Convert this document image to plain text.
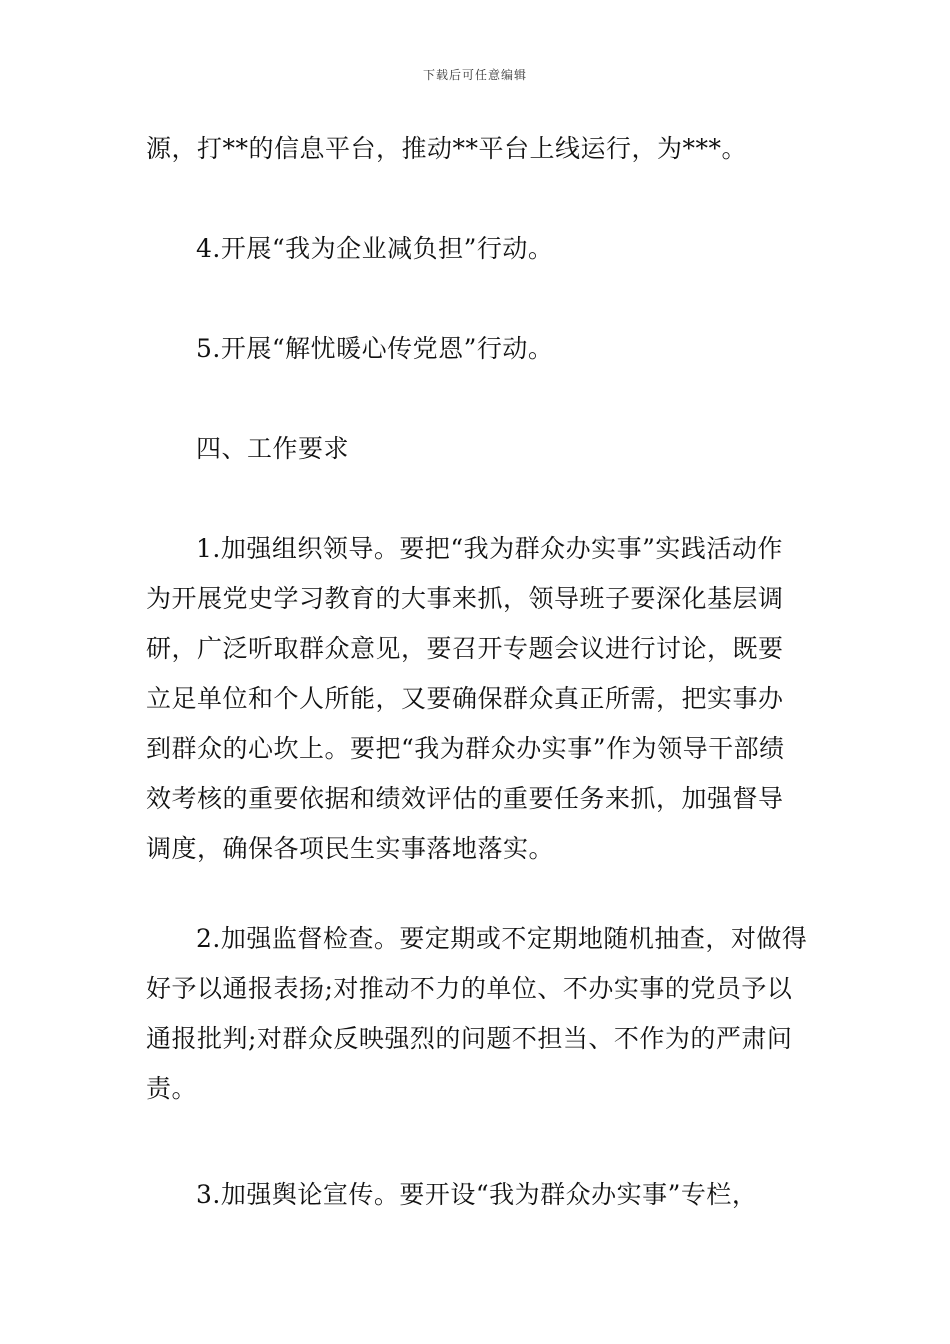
下载后可任意编辑

源，打**的信息平台，推动**平台上线运行，为***。

4.开展“我为企业减负担”行动。

5.开展“解忧暖心传党恩”行动。

四、工作要求

1.加强组织领导。要把“我为群众办实事”实践活动作为开展党史学习教育的大事来抓，领导班子要深化基层调研，广泛听取群众意见，要召开专题会议进行讨论，既要立足单位和个人所能，又要确保群众真正所需，把实事办到群众的心坎上。要把“我为群众办实事”作为领导干部绩效考核的重要依据和绩效评估的重要任务来抓，加强督导调度，确保各项民生实事落地落实。

2.加强监督检查。要定期或不定期地随机抽查，对做得好予以通报表扬;对推动不力的单位、不办实事的党员予以通报批判;对群众反映强烈的问题不担当、不作为的严肃问责。

3.加强舆论宣传。要开设“我为群众办实事”专栏，
